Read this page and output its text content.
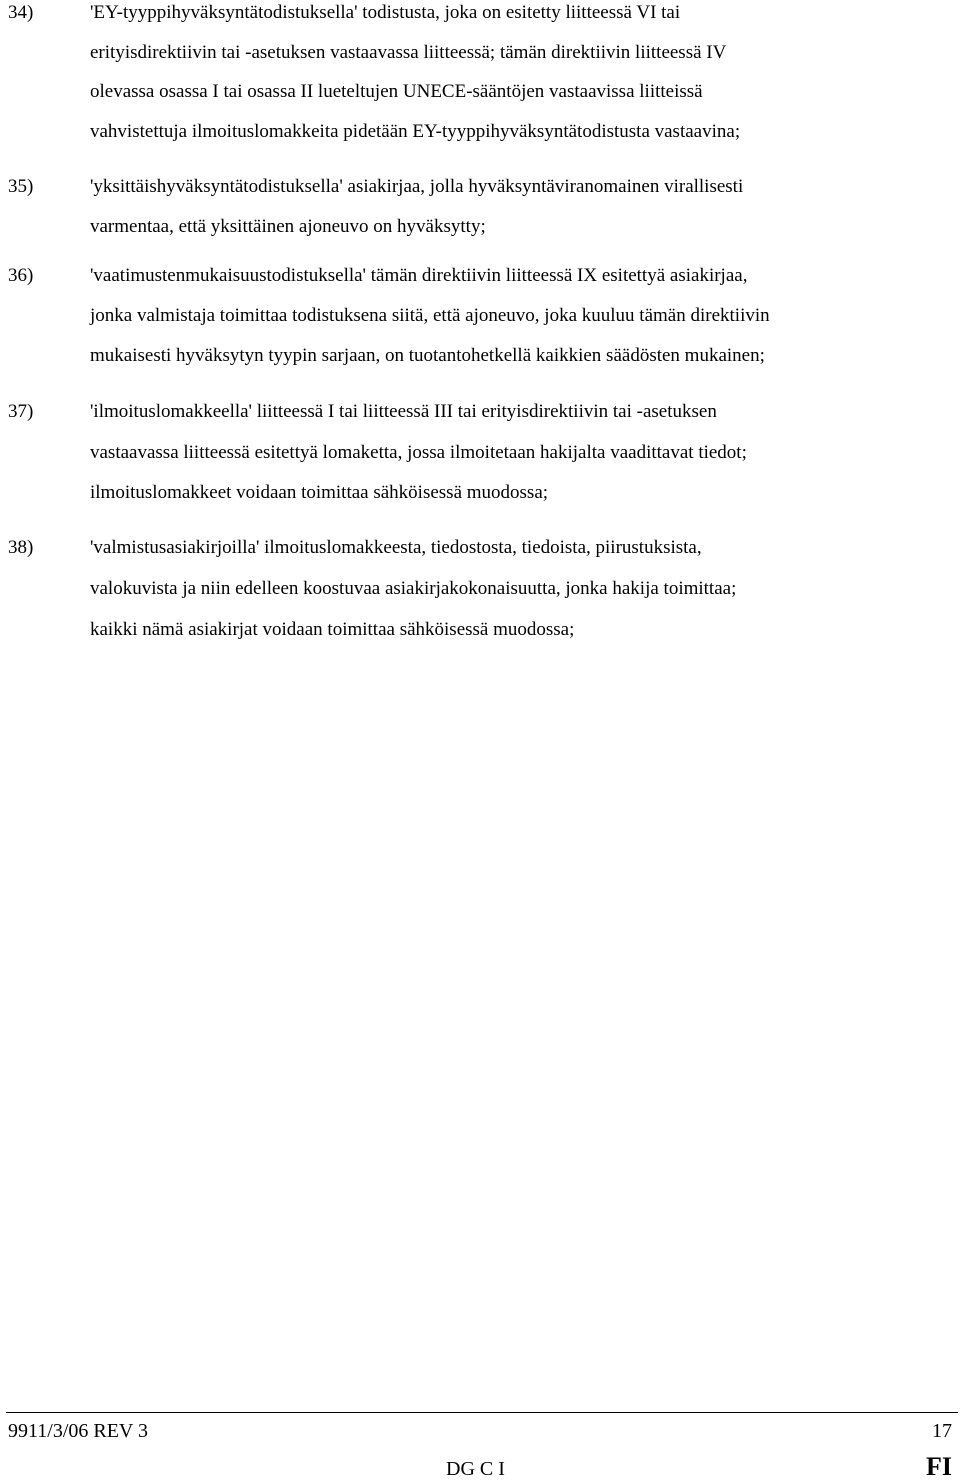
34)	'EY-tyyppihyväksyntätodistuksella' todistusta, joka on esitetty liitteessä VI tai
erityisdirektiivin tai -asetuksen vastaavassa liitteessä; tämän direktiivin liitteessä IV
olevassa osassa I tai osassa II lueteltujen UNECE-sääntöjen vastaavissa liitteissä
vahvistettuja ilmoituslomakkeita pidetään EY-tyyppihyväksyntätodistusta vastaavina;
35)	'yksittäishyväksyntätodistuksella' asiakirjaa, jolla hyväksyntäviranomainen virallisesti
varmentaa, että yksittäinen ajoneuvo on hyväksytty;
36)	'vaatimustenmukaisuustodistuksella' tämän direktiivin liitteessä IX esitettyä asiakirjaa,
jonka valmistaja toimittaa todistuksena siitä, että ajoneuvo, joka kuuluu tämän direktiivin
mukaisesti hyväksytyn tyypin sarjaan, on tuotantohetkellä kaikkien säädösten mukainen;
37)	'ilmoituslomakkeella' liitteessä I tai liitteessä III tai erityisdirektiivin tai -asetuksen
vastaavassa liitteessä esitettyä lomaketta, jossa ilmoitetaan hakijalta vaadittavat tiedot;
ilmoituslomakkeet voidaan toimittaa sähköisessä muodossa;
38)	'valmistusasiakirjoilla' ilmoituslomakkeesta, tiedostosta, tiedoista, piirustuksista,
valokuvista ja niin edelleen koostuvaa asiakirjakokonaisuutta, jonka hakija toimittaa;
kaikki nämä asiakirjat voidaan toimittaa sähköisessä muodossa;
9911/3/06 REV 3	17
DG C I	FI
